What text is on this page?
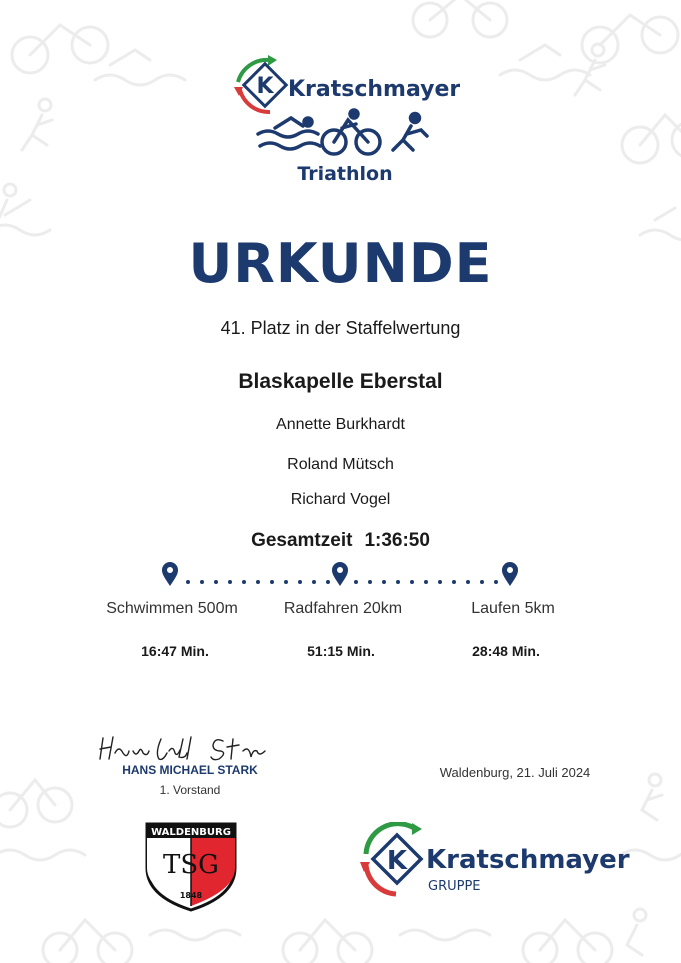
K Kratschmayer
Triathlon
URKUNDE
41. Platz in der Staffelwertung
Blaskapelle Eberstal
Annette Burkhardt
Roland Mütsch
Richard Vogel
Gesamtzeit 1:36:50
Schwimmen 500m	Radfahren 20km	Laufen 5km
16:47 Min.	51:15 Min.	28:48 Min.
HANS MICHAEL STARK
1. Vorstand
Waldenburg, 21. Juli 2024
WALDENBURG
TSG
1848
K Kratschmayer
GRUPPE
